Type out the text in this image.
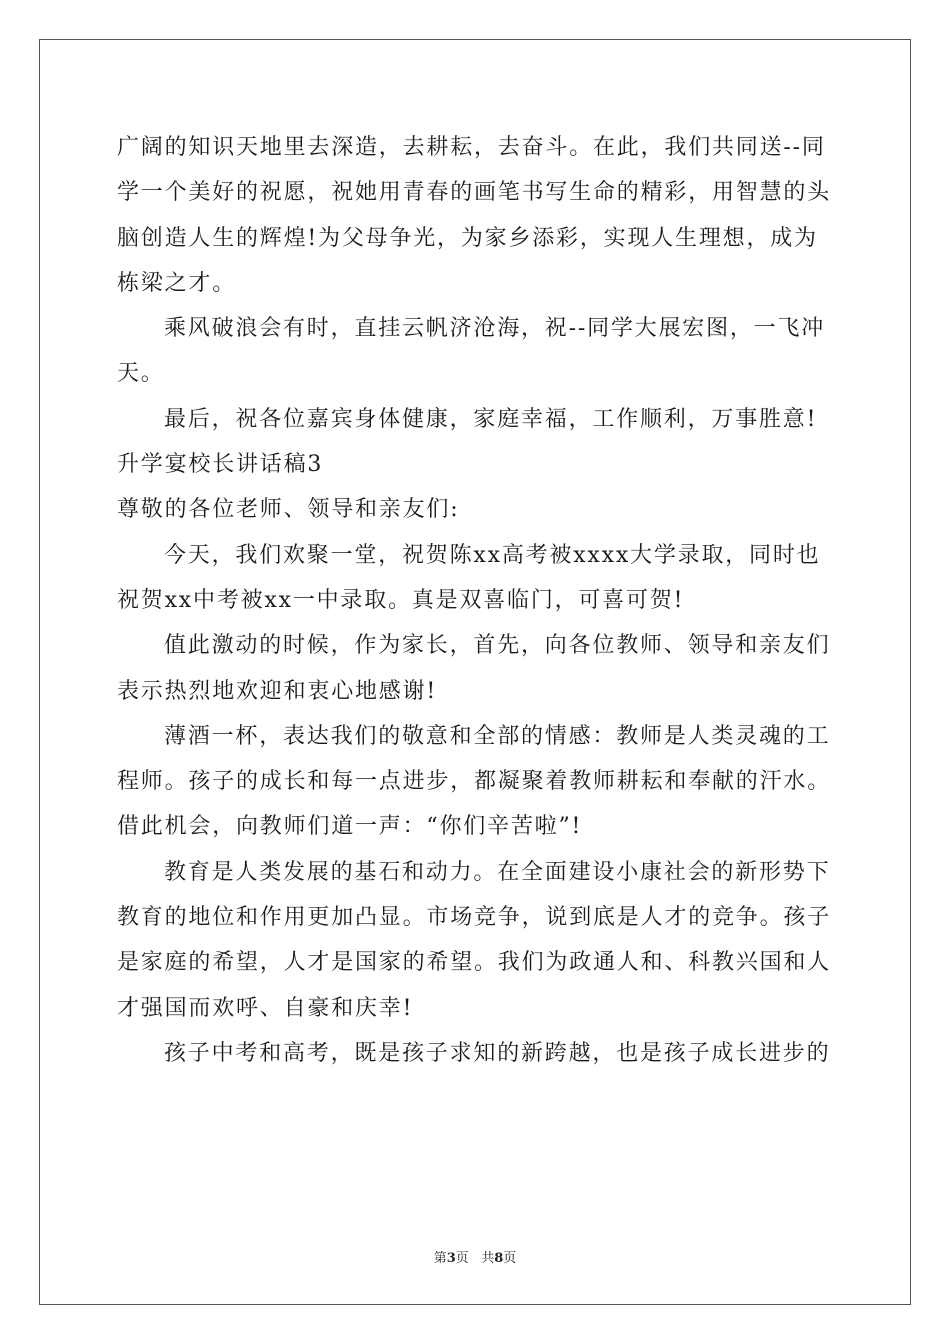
广阔的知识天地里去深造，去耕耘，去奋斗。在此，我们共同送--同
学一个美好的祝愿，祝她用青春的画笔书写生命的精彩，用智慧的头
脑创造人生的辉煌!为父母争光，为家乡添彩，实现人生理想，成为
栋梁之才。
乘风破浪会有时，直挂云帆济沧海，祝--同学大展宏图，一飞冲
天。
最后，祝各位嘉宾身体健康，家庭幸福，工作顺利，万事胜意!
升学宴校长讲话稿3
尊敬的各位老师、领导和亲友们:
今天，我们欢聚一堂，祝贺陈xx高考被xxxx大学录取，同时也
祝贺xx中考被xx一中录取。真是双喜临门，可喜可贺!
值此激动的时候，作为家长，首先，向各位教师、领导和亲友们
表示热烈地欢迎和衷心地感谢!
薄酒一杯，表达我们的敬意和全部的情感：教师是人类灵魂的工
程师。孩子的成长和每一点进步，都凝聚着教师耕耘和奉献的汗水。
借此机会，向教师们道一声：“你们辛苦啦”!
教育是人类发展的基石和动力。在全面建设小康社会的新形势下
教育的地位和作用更加凸显。市场竞争，说到底是人才的竞争。孩子
是家庭的希望，人才是国家的希望。我们为政通人和、科教兴国和人
才强国而欢呼、自豪和庆幸!
孩子中考和高考，既是孩子求知的新跨越，也是孩子成长进步的
第3页 共8页
